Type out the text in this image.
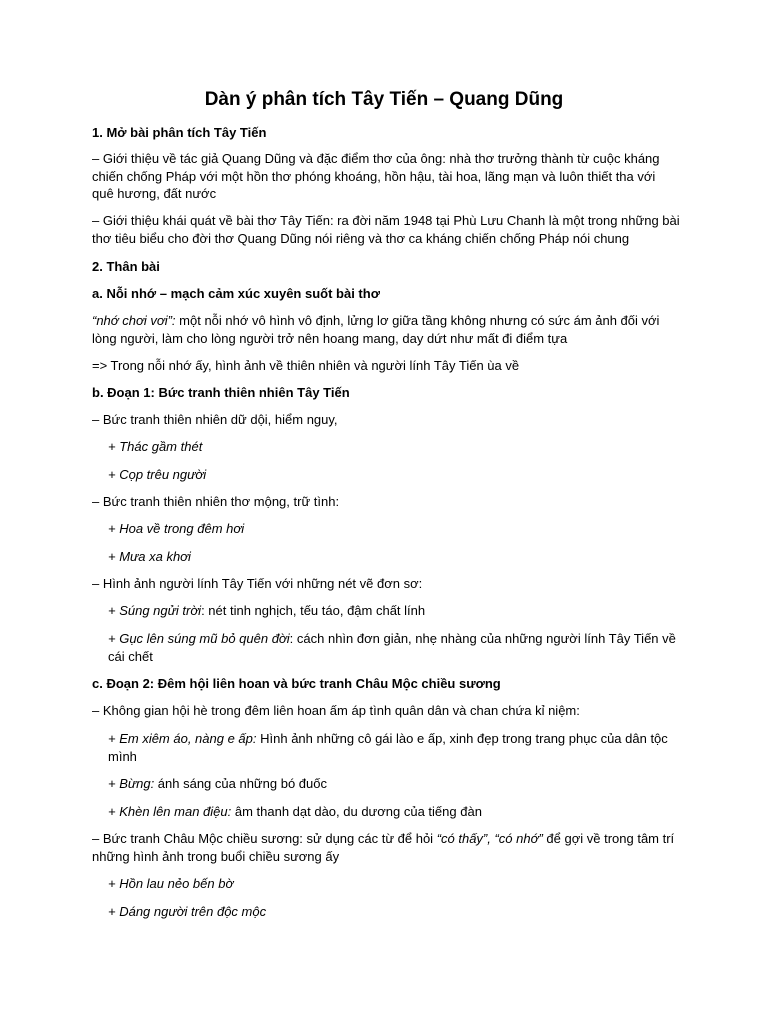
Dàn ý phân tích Tây Tiến – Quang Dũng

1. Mở bài phân tích Tây Tiến

– Giới thiệu về tác giả Quang Dũng và đặc điểm thơ của ông: nhà thơ trưởng thành từ cuộc kháng chiến chống Pháp với một hồn thơ phóng khoáng, hồn hậu, tài hoa, lãng mạn và luôn thiết tha với quê hương, đất nước

– Giới thiệu khái quát về bài thơ Tây Tiến: ra đời năm 1948 tại Phù Lưu Chanh là một trong những bài thơ tiêu biểu cho đời thơ Quang Dũng nói riêng và thơ ca kháng chiến chống Pháp nói chung

2. Thân bài

a. Nỗi nhớ – mạch cảm xúc xuyên suốt bài thơ

“nhớ chơi vơi”: một nỗi nhớ vô hình vô định, lửng lơ giữa tầng không nhưng có sức ám ảnh đối với lòng người, làm cho lòng người trở nên hoang mang, day dứt như mất đi điểm tựa

=> Trong nỗi nhớ ấy, hình ảnh về thiên nhiên và người lính Tây Tiến ùa về

b. Đoạn 1: Bức tranh thiên nhiên Tây Tiến

– Bức tranh thiên nhiên dữ dội, hiểm nguy,

+ Thác gầm thét

+ Cọp trêu người

– Bức tranh thiên nhiên thơ mộng, trữ tình:

+ Hoa về trong đêm hơi

+ Mưa xa khơi

– Hình ảnh người lính Tây Tiến với những nét vẽ đơn sơ:

+ Súng ngửi trời: nét tinh nghịch, tếu táo, đậm chất lính

+ Gục lên súng mũ bỏ quên đời: cách nhìn đơn giản, nhẹ nhàng của những người lính Tây Tiến về cái chết

c. Đoạn 2: Đêm hội liên hoan và bức tranh Châu Mộc chiều sương

– Không gian hội hè trong đêm liên hoan ấm áp tình quân dân và chan chứa kỉ niệm:

+ Em xiêm áo, nàng e ấp: Hình ảnh những cô gái lào e ấp, xinh đẹp trong trang phục của dân tộc mình

+ Bừng: ánh sáng của những bó đuốc

+ Khèn lên man điệu: âm thanh dạt dào, du dương của tiếng đàn

– Bức tranh Châu Mộc chiều sương: sử dụng các từ để hỏi “có thấy”, “có nhớ” để gợi về trong tâm trí những hình ảnh trong buổi chiều sương ấy

+ Hồn lau nẻo bến bờ

+ Dáng người trên độc mộc
